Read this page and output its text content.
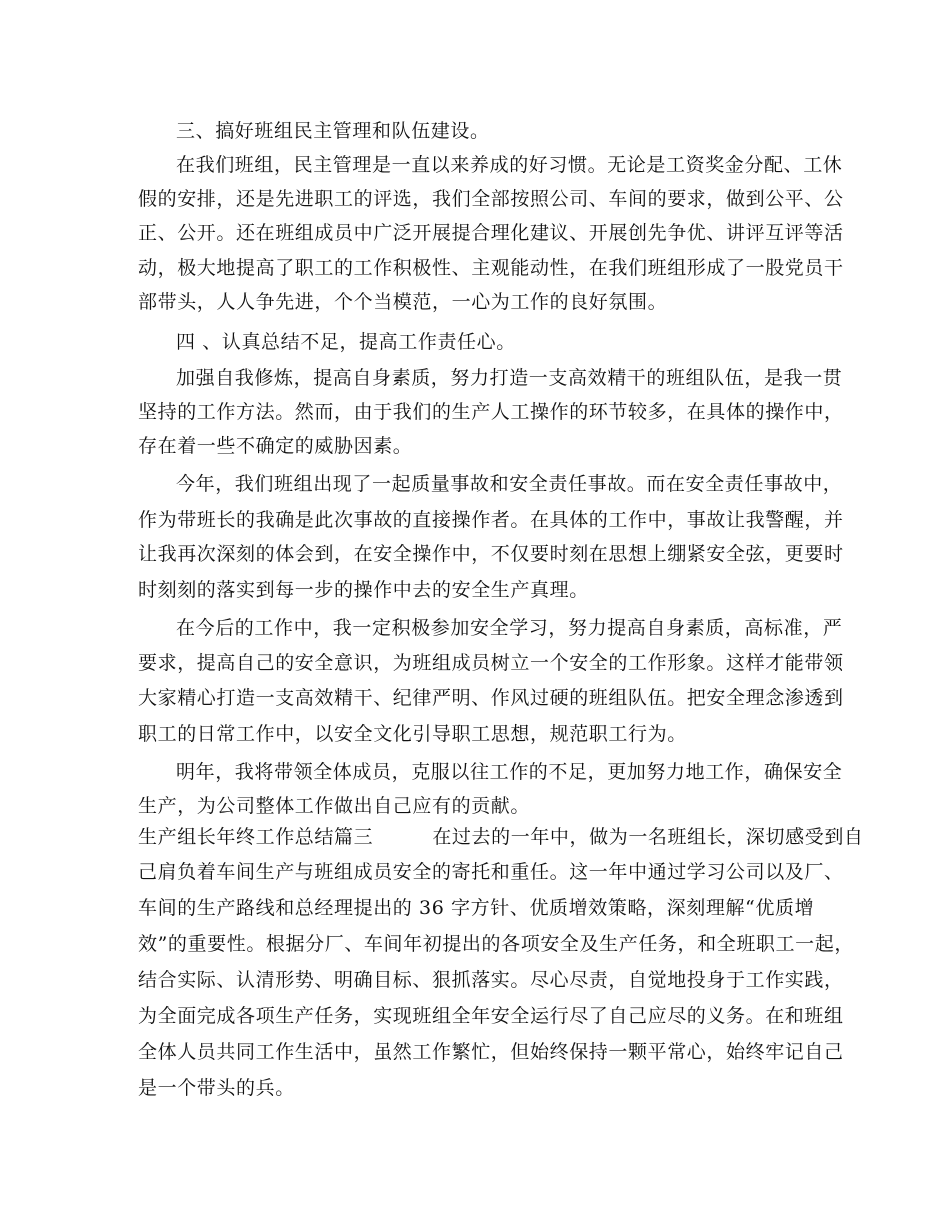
三、搞好班组民主管理和队伍建设。
在我们班组，民主管理是一直以来养成的好习惯。无论是工资奖金分配、工休
假的安排，还是先进职工的评选，我们全部按照公司、车间的要求，做到公平、公
正、公开。还在班组成员中广泛开展提合理化建议、开展创先争优、讲评互评等活
动，极大地提高了职工的工作积极性、主观能动性，在我们班组形成了一股党员干
部带头，人人争先进，个个当模范，一心为工作的良好氛围。
四 、认真总结不足，提高工作责任心。
加强自我修炼，提高自身素质，努力打造一支高效精干的班组队伍，是我一贯
坚持的工作方法。然而，由于我们的生产人工操作的环节较多，在具体的操作中，
存在着一些不确定的威胁因素。
今年，我们班组出现了一起质量事故和安全责任事故。而在安全责任事故中，
作为带班长的我确是此次事故的直接操作者。在具体的工作中，事故让我警醒，并
让我再次深刻的体会到，在安全操作中，不仅要时刻在思想上绷紧安全弦，更要时
时刻刻的落实到每一步的操作中去的安全生产真理。
在今后的工作中，我一定积极参加安全学习，努力提高自身素质，高标准，严
要求，提高自己的安全意识，为班组成员树立一个安全的工作形象。这样才能带领
大家精心打造一支高效精干、纪律严明、作风过硬的班组队伍。把安全理念渗透到
职工的日常工作中，以安全文化引导职工思想，规范职工行为。
明年，我将带领全体成员，克服以往工作的不足，更加努力地工作，确保安全
生产，为公司整体工作做出自己应有的贡献。
生产组长年终工作总结篇三 　 　 在过去的一年中，做为一名班组长，深切感受到自
己肩负着车间生产与班组成员安全的寄托和重任。这一年中通过学习公司以及厂、
车间的生产路线和总经理提出的 36 字方针、优质增效策略，深刻理解“优质增
效”的重要性。根据分厂、车间年初提出的各项安全及生产任务，和全班职工一起，
结合实际、认清形势、明确目标、狠抓落实。尽心尽责，自觉地投身于工作实践，
为全面完成各项生产任务，实现班组全年安全运行尽了自己应尽的义务。在和班组
全体人员共同工作生活中，虽然工作繁忙，但始终保持一颗平常心，始终牢记自己
是一个带头的兵。
